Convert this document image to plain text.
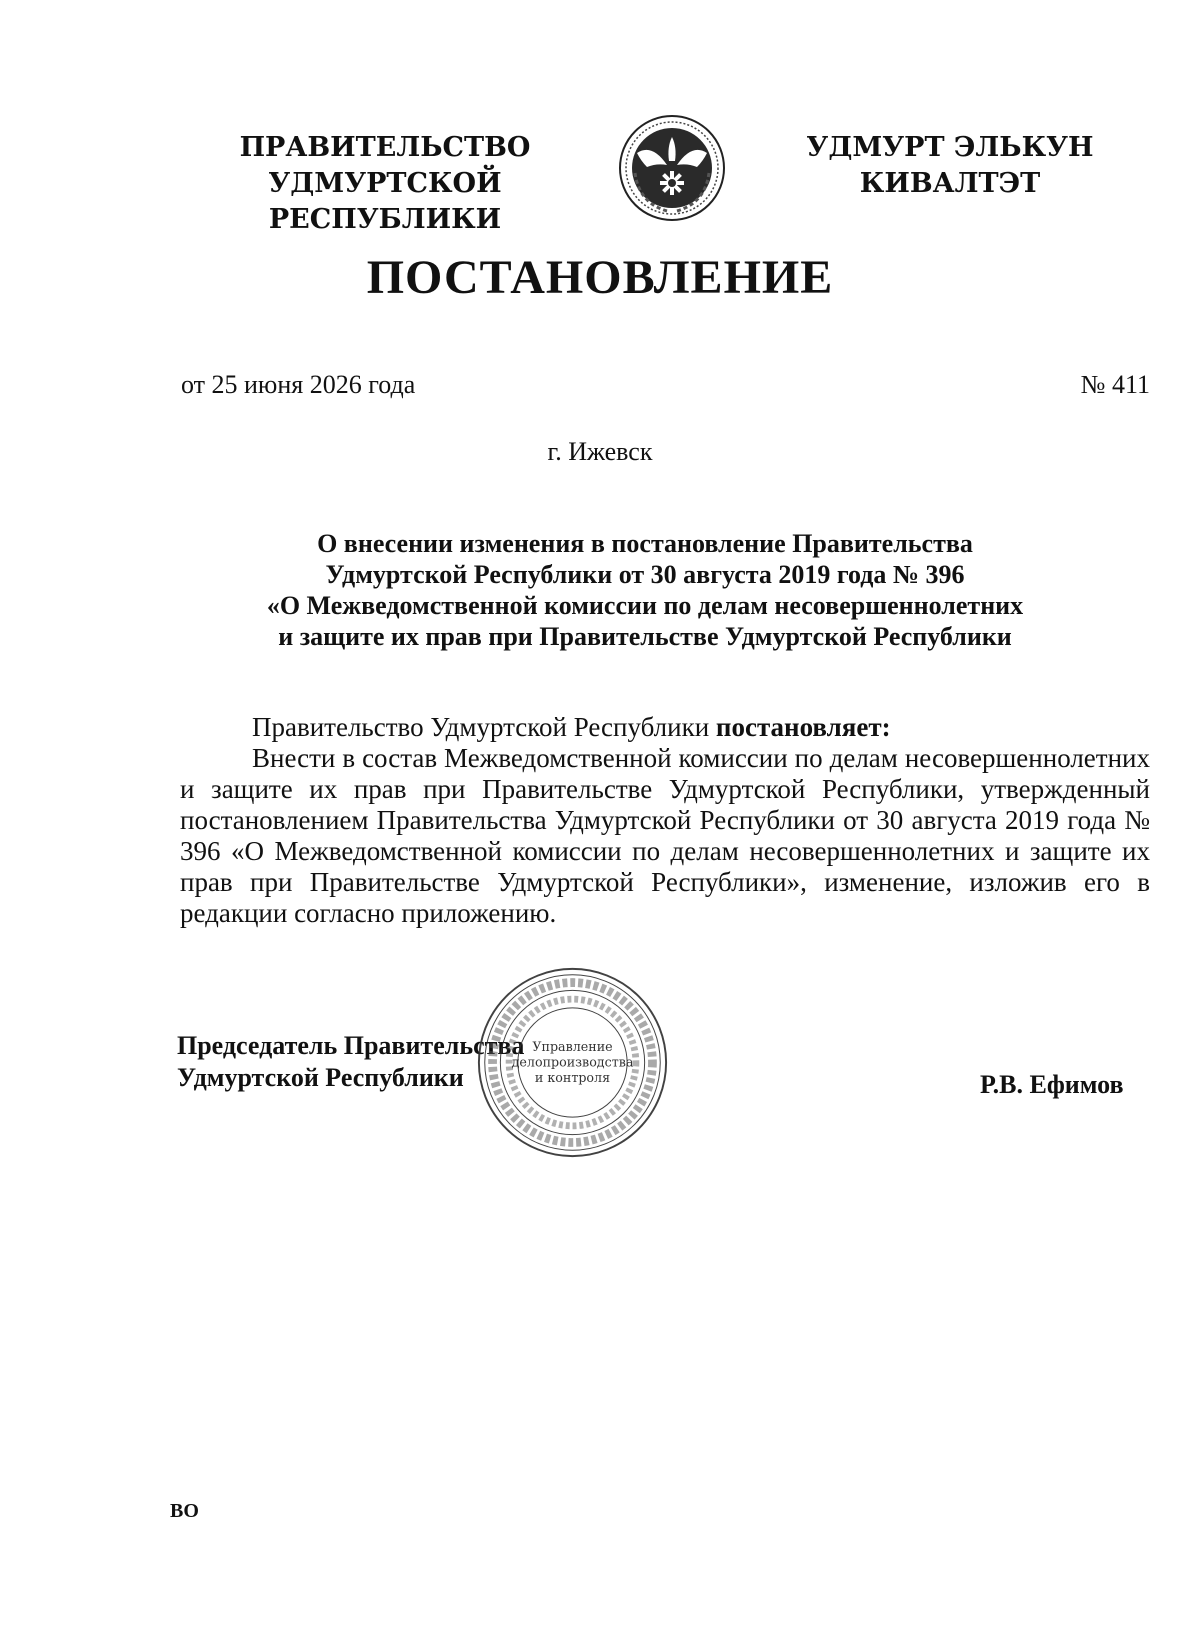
ПРАВИТЕЛЬСТВО
УДМУРТСКОЙ РЕСПУБЛИКИ
УДМУРТ ЭЛЬКУН
КИВАЛТЭТ
ПОСТАНОВЛЕНИЕ
от 25 июня 2026 года	№ 411
г. Ижевск
О внесении изменения в постановление Правительства
Удмуртской Республики от 30 августа 2019 года № 396
«О Межведомственной комиссии по делам несовершеннолетних
и защите их прав при Правительстве Удмуртской Республики
Правительство Удмуртской Республики постановляет:
Внести в состав Межведомственной комиссии по делам несовершеннолетних и защите их прав при Правительстве Удмуртской Республики, утвержденный постановлением Правительства Удмуртской Республики от 30 августа 2019 года № 396 «О Межведомственной комиссии по делам несовершеннолетних и защите их прав при Правительстве Удмуртской Республики», изменение, изложив его в редакции согласно приложению.
Председатель Правительства
Удмуртской Республики	Р.В. Ефимов
Управление
делопроизводства
и контроля
ВО
